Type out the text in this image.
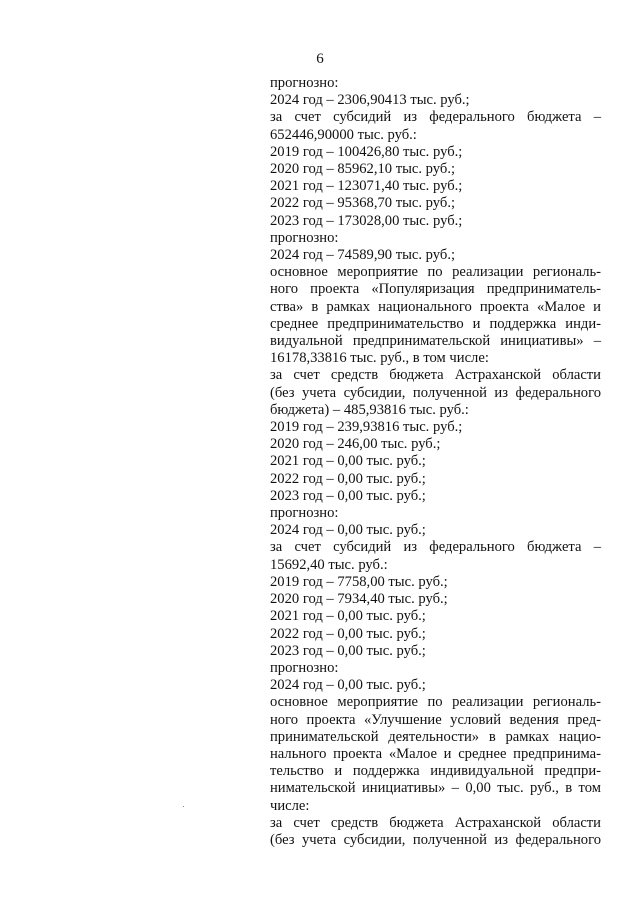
6
прогнозно:
2024 год – 2306,90413 тыс. руб.;
за счет субсидий из федерального бюджета –
652446,90000 тыс. руб.:
2019 год – 100426,80 тыс. руб.;
2020 год – 85962,10 тыс. руб.;
2021 год – 123071,40 тыс. руб.;
2022 год – 95368,70 тыс. руб.;
2023 год – 173028,00 тыс. руб.;
прогнозно:
2024 год – 74589,90 тыс. руб.;
основное мероприятие по реализации региональ-
ного проекта «Популяризация предприниматель-
ства» в рамках национального проекта «Малое и
среднее предпринимательство и поддержка инди-
видуальной предпринимательской инициативы» –
16178,33816 тыс. руб., в том числе:
за счет средств бюджета Астраханской области
(без учета субсидии, полученной из федерального
бюджета) – 485,93816 тыс. руб.:
2019 год – 239,93816 тыс. руб.;
2020 год – 246,00 тыс. руб.;
2021 год – 0,00 тыс. руб.;
2022 год – 0,00 тыс. руб.;
2023 год – 0,00 тыс. руб.;
прогнозно:
2024 год – 0,00 тыс. руб.;
за счет субсидий из федерального бюджета –
15692,40 тыс. руб.:
2019 год – 7758,00 тыс. руб.;
2020 год – 7934,40 тыс. руб.;
2021 год – 0,00 тыс. руб.;
2022 год – 0,00 тыс. руб.;
2023 год – 0,00 тыс. руб.;
прогнозно:
2024 год – 0,00 тыс. руб.;
основное мероприятие по реализации региональ-
ного проекта «Улучшение условий ведения пред-
принимательской деятельности» в рамках нацио-
нального проекта «Малое и среднее предпринима-
тельство и поддержка индивидуальной предпри-
нимательской инициативы» – 0,00 тыс. руб., в том
числе:
за счет средств бюджета Астраханской области
(без учета субсидии, полученной из федерального
